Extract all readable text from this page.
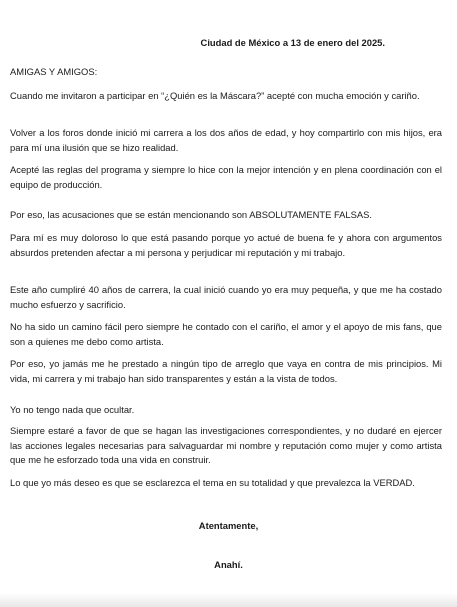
Ciudad de México a 13 de enero del 2025.
AMIGAS Y AMIGOS:

Cuando me invitaron a participar en “¿Quién es la Máscara?” acepté con mucha emoción y cariño.

Volver a los foros donde inició mi carrera a los dos años de edad, y hoy compartirlo con mis hijos, era para mí una ilusión que se hizo realidad.

Acepté las reglas del programa y siempre lo hice con la mejor intención y en plena coordinación con el equipo de producción.

Por eso, las acusaciones que se están mencionando son ABSOLUTAMENTE FALSAS.

Para mí es muy doloroso lo que está pasando porque yo actué de buena fe y ahora con argumentos absurdos pretenden afectar a mi persona y perjudicar mi reputación y mi trabajo.

Este año cumpliré 40 años de carrera, la cual inició cuando yo era muy pequeña, y que me ha costado mucho esfuerzo y sacrificio.

No ha sido un camino fácil pero siempre he contado con el cariño, el amor y el apoyo de mis fans, que son a quienes me debo como artista.

Por eso, yo jamás me he prestado a ningún tipo de arreglo que vaya en contra de mis principios. Mi vida, mi carrera y mi trabajo han sido transparentes y están a la vista de todos.

Yo no tengo nada que ocultar.

Siempre estaré a favor de que se hagan las investigaciones correspondientes, y no dudaré en ejercer las acciones legales necesarias para salvaguardar mi nombre y reputación como mujer y como artista que me he esforzado toda una vida en construir.

Lo que yo más deseo es que se esclarezca el tema en su totalidad y que prevalezca la VERDAD.

Atentamente,
Anahí.
